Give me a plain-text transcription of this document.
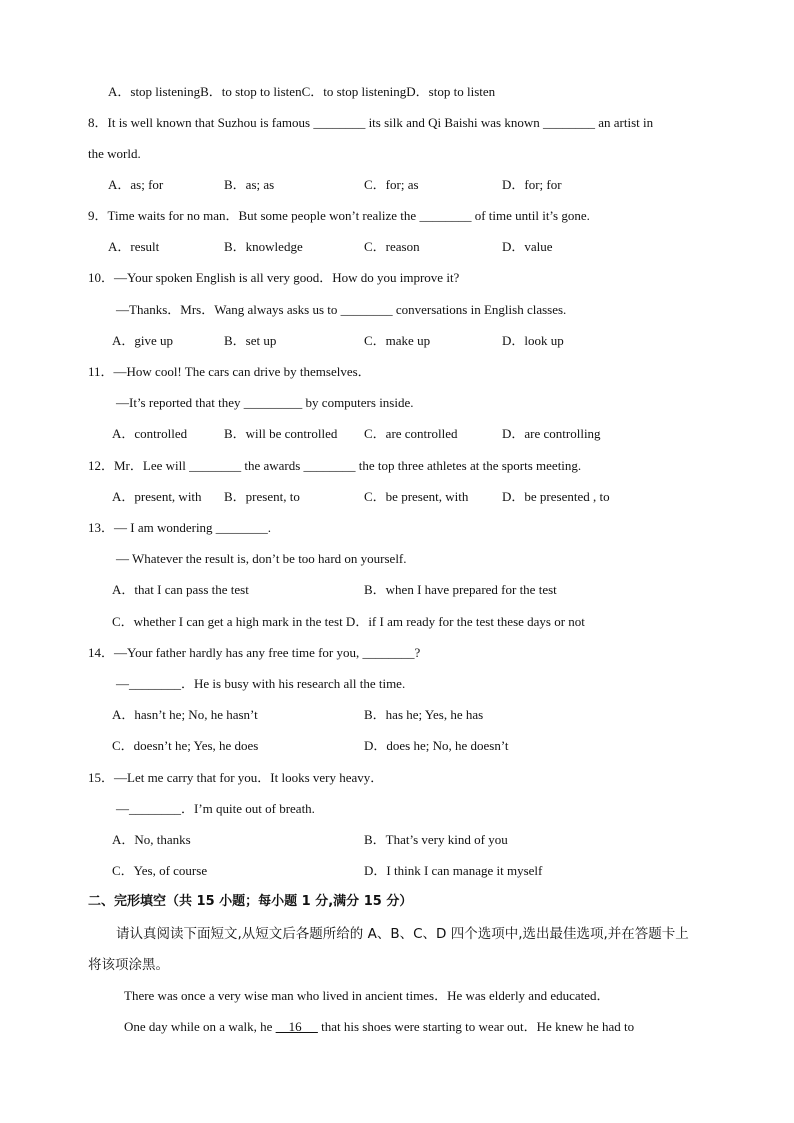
A．stop listeningB．to stop to listenC．to stop listeningD．stop to listen
8．It is well known that Suzhou is famous ________ its silk and Qi Baishi was known ________ an artist in
the world.
A．as; for	B．as; as	C．for; as	D．for; for
9．Time waits for no man．But some people won’t realize the ________ of time until it’s gone.
A．result	B．knowledge	C．reason	D．value
10．—Your spoken English is all very good．How do you improve it?
—Thanks．Mrs．Wang always asks us to ________ conversations in English classes.
A．give up	B．set up	C．make up	D．look up
11．—How cool! The cars can drive by themselves．
—It’s reported that they _________ by computers inside.
A．controlled	B．will be controlled C．are controlled	D．are controlling
12．Mr．Lee will ________ the awards ________ the top three athletes at the sports meeting.
A．present, with B．present, to	C．be present, with	D．be presented , to
13．— I am wondering ________.
— Whatever the result is, don’t be too hard on yourself.
A．that I can pass the test	B．when I have prepared for the test
C．whether I can get a high mark in the test D．if I am ready for the test these days or not
14．—Your father hardly has any free time for you, ________?
—________．He is busy with his research all the time.
A．hasn’t he; No, he hasn’t	B．has he; Yes, he has
C．doesn’t he; Yes, he does	D．does he; No, he doesn’t
15．—Let me carry that for you．It looks very heavy．
—________．I’m quite out of breath.
A．No, thanks	B．That’s very kind of you
C．Yes, of course	D．I think I can manage it myself
二、完形填空（共 15 小题；每小题 1 分,满分 15 分）
请认真阅读下面短文,从短文后各题所给的 A、B、C、D 四个选项中,选出最佳选项,并在答题卡上
将该项涂黑。
There was once a very wise man who lived in ancient times．He was elderly and educated．
One day while on a walk, he     16      that his shoes were starting to wear out．He knew he had to
